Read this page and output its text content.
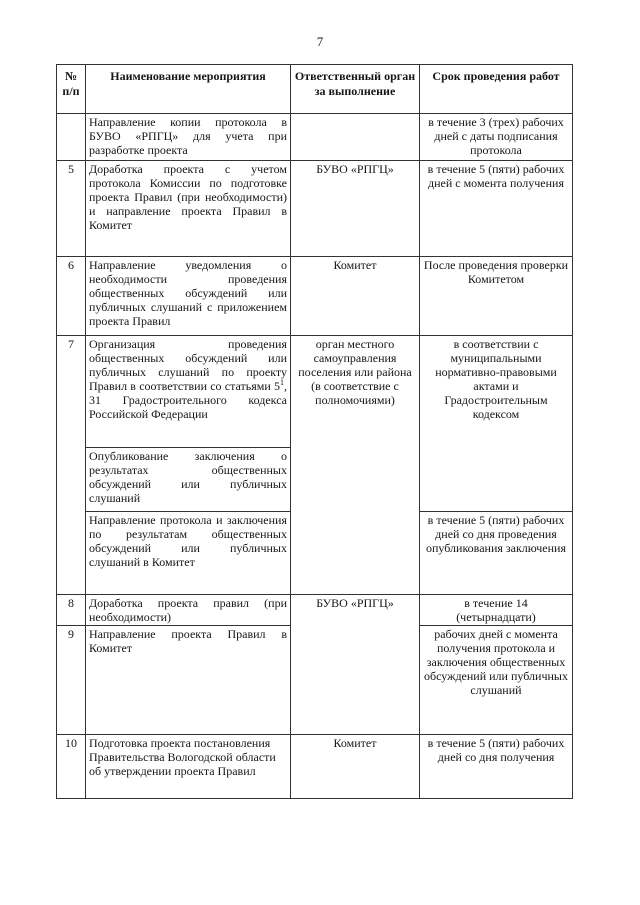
7
№ п/п	Наименование мероприятия	Ответственный орган за выполнение	Срок проведения работ
	Направление копии протокола в БУВО «РПГЦ» для учета при разработке проекта		в течение 3 (трех) рабочих дней с даты подписания протокола
5	Доработка проекта с учетом протокола Комиссии по подготовке проекта Правил (при необходимости) и направление проекта Правил в Комитет	БУВО «РПГЦ»	в течение 5 (пяти) рабочих дней с момента получения
6	Направление уведомления о необходимости проведения общественных обсуждений или публичных слушаний с приложением проекта Правил	Комитет	После проведения проверки Комитетом
7	Организация проведения общественных обсуждений или публичных слушаний по проекту Правил в соответствии со статьями $5^1$, 31 Градостроительного кодекса Российской Федерации	орган местного самоуправления поселения или района (в соответствие с полномочиями)	в соответствии с муниципальными нормативно-правовыми актами и Градостроительным кодексом
	Опубликование заключения о результатах общественных обсуждений или публичных слушаний		
	Направление протокола и заключения по результатам общественных обсуждений или публичных слушаний в Комитет		в течение 5 (пяти) рабочих дней со дня проведения опубликования заключения
8	Доработка проекта правил (при необходимости)	БУВО «РПГЦ»	в течение 14 (четырнадцати)
9	Направление проекта Правил в Комитет		рабочих дней с момента получения протокола и заключения общественных обсуждений или публичных слушаний
10	Подготовка проекта постановления Правительства Вологодской области об утверждении проекта Правил	Комитет	в течение 5 (пяти) рабочих дней со дня получения
